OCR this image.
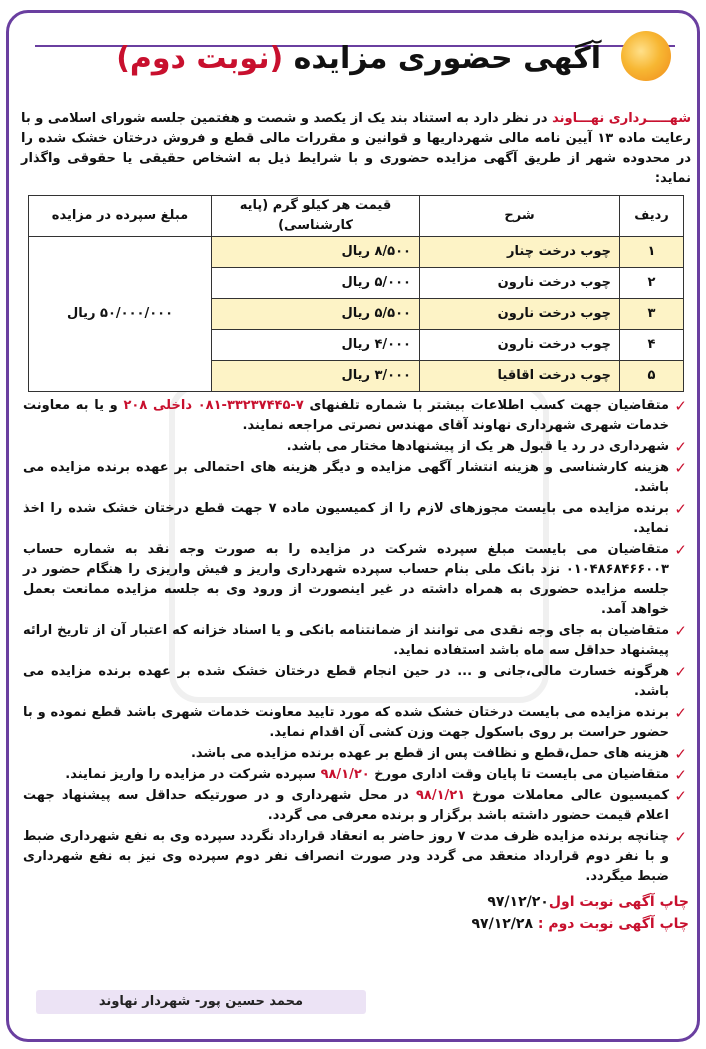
آگهی حضوری مزایده (نوبت دوم)

شهـــــرداری نهـــاوند در نظر دارد به استناد بند یک از یکصد و شصت و هفتمین جلسه شورای اسلامی و با رعایت ماده ۱۳ آیین نامه مالی شهرداریها و قوانین و مقررات مالی قطع و فروش درختان خشک شده را در محدوده شهر از طریق آگهی مزایده حضوری و با شرایط ذیل به اشخاص حقیقی یا حقوقی واگذار نماید:

ردیف	شرح	قیمت هر کیلو گرم (پایه کارشناسی)	مبلغ سپرده در مزایده
۱	چوب درخت چنار	۸/۵۰۰ ریال	۵۰/۰۰۰/۰۰۰ ریال
۲	چوب درخت نارون	۵/۰۰۰ ریال	
۳	چوب درخت نارون	۵/۵۰۰ ریال	
۴	چوب درخت نارون	۴/۰۰۰ ریال	
۵	چوب درخت اقاقیا	۳/۰۰۰ ریال	

✓
متقاضیان جهت کسب اطلاعات بیشتر با شماره تلفنهای ۷-۳۳۲۳۷۴۴۵-۰۸۱ داخلی ۲۰۸ و یا به معاونت خدمات شهری شهرداری نهاوند آقای مهندس نصرتی مراجعه نمایند.

✓
شهرداری در رد یا قبول هر یک از پیشنهادها مختار می باشد.

✓
هزینه کارشناسی و هزینه انتشار آگهی مزایده و دیگر هزینه های احتمالی بر عهده برنده مزایده می باشد.

✓
برنده مزایده می بایست مجوزهای لازم را از کمیسیون ماده ۷ جهت قطع درختان خشک شده را اخذ نماید.

✓
متقاضیان می بایست مبلغ سپرده شرکت در مزایده را به صورت وجه نقد به شماره حساب ۰۱۰۴۸۶۸۴۶۶۰۰۳ نزد بانک ملی بنام حساب سپرده شهرداری واریز و فیش واریزی را هنگام حضور در جلسه مزایده حضوری به همراه داشته در غیر اینصورت از ورود وی به جلسه مزایده ممانعت بعمل خواهد آمد.

✓
متقاضیان به جای وجه نقدی می توانند از ضمانتنامه بانکی و یا اسناد خزانه که اعتبار آن از تاریخ ارائه پیشنهاد حداقل سه ماه باشد استفاده نماید.

✓
هرگونه خسارت مالی،جانی و ... در حین انجام قطع درختان خشک شده بر عهده برنده مزایده می باشد.

✓
برنده مزایده می بایست درختان خشک شده که مورد تایید معاونت خدمات شهری باشد قطع نموده و با حضور حراست بر روی باسکول جهت وزن کشی آن اقدام نماید.

✓
هزینه های حمل،قطع و نظافت پس از قطع بر عهده برنده مزایده می باشد.

✓
متقاضیان می بایست تا پایان وقت اداری مورخ ۹۸/۱/۲۰ سپرده شرکت در مزایده را واریز نمایند.

✓
کمیسیون عالی معاملات مورخ ۹۸/۱/۲۱ در محل شهرداری و در صورتیکه حداقل سه پیشنهاد جهت اعلام قیمت حضور داشته باشد برگزار و برنده معرفی می گردد.

✓
چنانچه برنده مزایده ظرف مدت ۷ روز حاضر به انعقاد قرارداد نگردد سپرده وی به نفع شهرداری ضبط و با نفر دوم قرارداد منعقد می گردد ودر صورت انصراف نفر دوم سپرده وی نیز به نفع شهرداری ضبط میگردد.

چاپ آگهی نوبت اول۹۷/۱۲/۲۰
چاپ آگهی نوبت دوم : ۹۷/۱۲/۲۸
محمد حسین پور- شهردار نهاوند
